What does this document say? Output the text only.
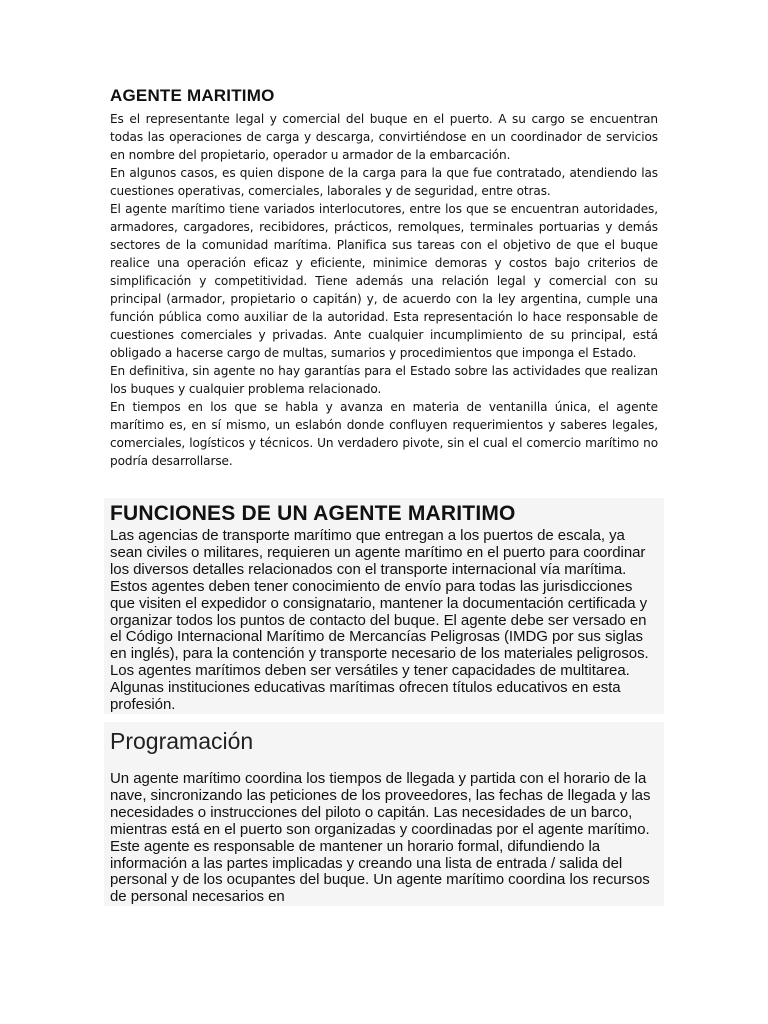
AGENTE MARITIMO

Es el representante legal y comercial del buque en el puerto. A su cargo se encuentran todas las operaciones de carga y descarga, convirtiéndose en un coordinador de servicios en nombre del propietario, operador u armador de la embarcación.

En algunos casos, es quien dispone de la carga para la que fue contratado, atendiendo las cuestiones operativas, comerciales, laborales y de seguridad, entre otras.

El agente marítimo tiene variados interlocutores, entre los que se encuentran autoridades, armadores, cargadores, recibidores, prácticos, remolques, terminales portuarias y demás sectores de la comunidad marítima. Planifica sus tareas con el objetivo de que el buque realice una operación eficaz y eficiente, minimice demoras y costos bajo criterios de simplificación y competitividad. Tiene además una relación legal y comercial con su principal (armador, propietario o capitán) y, de acuerdo con la ley argentina, cumple una función pública como auxiliar de la autoridad. Esta representación lo hace responsable de cuestiones comerciales y privadas. Ante cualquier incumplimiento de su principal, está obligado a hacerse cargo de multas, sumarios y procedimientos que imponga el Estado.

En definitiva, sin agente no hay garantías para el Estado sobre las actividades que realizan los buques y cualquier problema relacionado.

En tiempos en los que se habla y avanza en materia de ventanilla única, el agente marítimo es, en sí mismo, un eslabón donde confluyen requerimientos y saberes legales, comerciales, logísticos y técnicos. Un verdadero pivote, sin el cual el comercio marítimo no podría desarrollarse.

FUNCIONES DE UN AGENTE MARITIMO

Las agencias de transporte marítimo que entregan a los puertos de escala, ya sean civiles o militares, requieren un agente marítimo en el puerto para coordinar los diversos detalles relacionados con el transporte internacional vía marítima. Estos agentes deben tener conocimiento de envío para todas las jurisdicciones que visiten el expedidor o consignatario, mantener la documentación certificada y organizar todos los puntos de contacto del buque. El agente debe ser versado en el Código Internacional Marítimo de Mercancías Peligrosas (IMDG por sus siglas en inglés), para la contención y transporte necesario de los materiales peligrosos. Los agentes marítimos deben ser versátiles y tener capacidades de multitarea. Algunas instituciones educativas marítimas ofrecen títulos educativos en esta profesión.

Programación

Un agente marítimo coordina los tiempos de llegada y partida con el horario de la nave, sincronizando las peticiones de los proveedores, las fechas de llegada y las necesidades o instrucciones del piloto o capitán. Las necesidades de un barco, mientras está en el puerto son organizadas y coordinadas por el agente marítimo. Este agente es responsable de mantener un horario formal, difundiendo la información a las partes implicadas y creando una lista de entrada / salida del personal y de los ocupantes del buque. Un agente marítimo coordina los recursos de personal necesarios en
